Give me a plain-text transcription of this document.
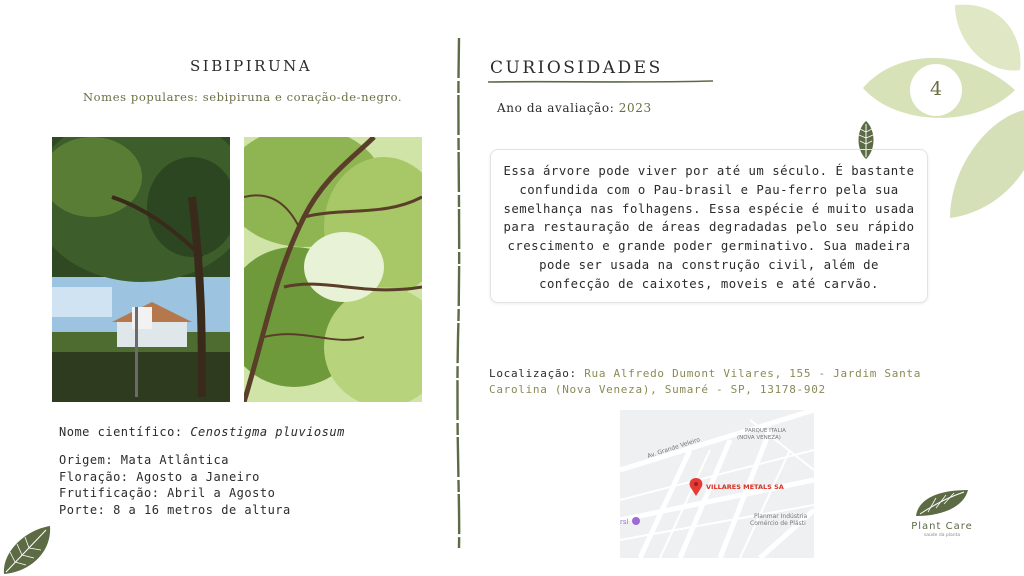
4
SIBIPIRUNA
Nomes populares: sebipiruna e coração-de-negro.
Nome científico: Cenostigma pluviosum
Origem: Mata Atlântica
Floração: Agosto a Janeiro
Frutificação: Abril a Agosto
Porte: 8 a 16 metros de altura
CURIOSIDADES
Ano da avaliação: 2023
Essa árvore pode viver por até um século. É bastante confundida com o Pau-brasil e Pau-ferro pela sua semelhança nas folhagens. Essa espécie é muito usada para restauração de áreas degradadas pelo seu rápido crescimento e grande poder germinativo. Sua madeira pode ser usada na construção civil, além de confecção de caixotes, moveis e até carvão.
Localização: Rua Alfredo Dumont Vilares, 155 - Jardim Santa Carolina (Nova Veneza), Sumaré - SP, 13178-902
Av. Grande Veleiro
PARQUE ITALIA
(NOVA VENEZA)
VILLARES METALS SA
Planmar Indústria
Comércio de Plásti
rsl	Plant Care
saúde da planta
